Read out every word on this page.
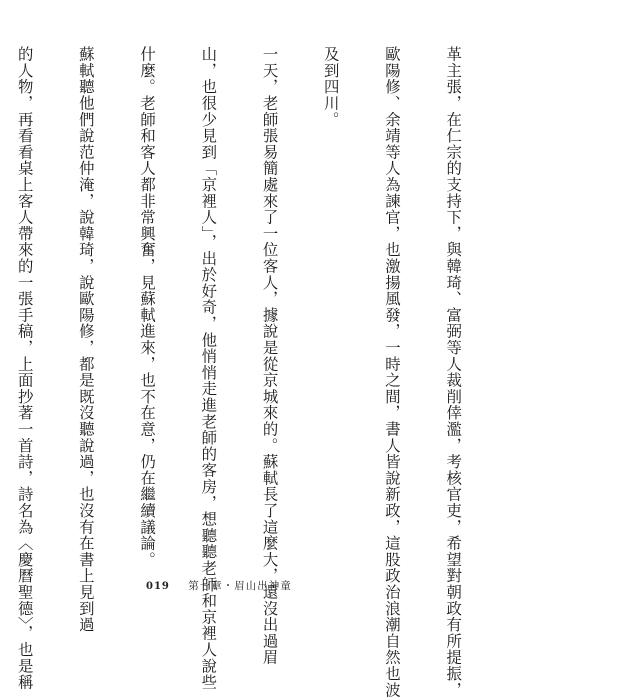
革主張，在仁宗的支持下，與韓琦、富弼等人裁削倖濫，考核官吏，希望對朝政有所提振，

歐陽修、余靖等人為諫官，也激揚風發，一時之間，書人皆說新政，這股政治浪潮自然也波

及到四川。

一天，老師張易簡處來了一位客人，據說是從京城來的。蘇軾長了這麼大，還沒出過眉

山，也很少見到「京裡人」，出於好奇，他悄悄走進老師的客房，想聽聽老師和京裡人說些

什麼。老師和客人都非常興奮，見蘇軾進來，也不在意，仍在繼續議論。

蘇軾聽他們說范仲淹，說韓琦，說歐陽修，都是既沒聽說過，也沒有在書上見到過

的人物，再看看桌上客人帶來的一張手稿，上面抄著一首詩，詩名為〈慶曆聖德〉，也是稱

	019 第一章・眉山出神童
